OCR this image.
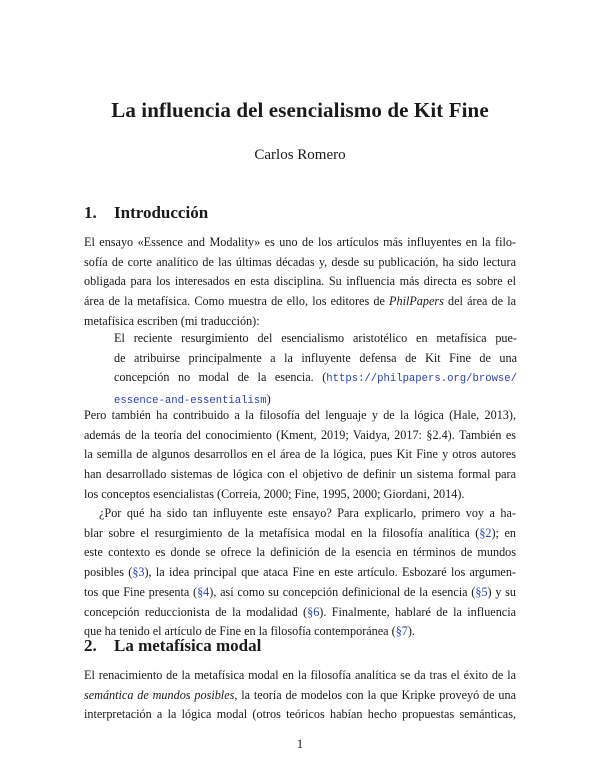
La influencia del esencialismo de Kit Fine
Carlos Romero
1. Introducción
El ensayo «Essence and Modality» es uno de los artículos más influyentes en la filo-
sofía de corte analítico de las últimas décadas y, desde su publicación, ha sido lectura
obligada para los interesados en esta disciplina. Su influencia más directa es sobre el
área de la metafísica. Como muestra de ello, los editores de PhilPapers del área de la
metafísica escriben (mi traducción):
El reciente resurgimiento del esencialismo aristotélico en metafísica pue-
de atribuirse principalmente a la influyente defensa de Kit Fine de una
concepción no modal de la esencia. (https://philpapers.org/browse/
essence-and-essentialism)
Pero también ha contribuido a la filosofía del lenguaje y de la lógica (Hale, 2013),
además de la teoría del conocimiento (Kment, 2019; Vaidya, 2017: §2.4). También es
la semilla de algunos desarrollos en el área de la lógica, pues Kit Fine y otros autores
han desarrollado sistemas de lógica con el objetivo de definir un sistema formal para
los conceptos esencialistas (Correia, 2000; Fine, 1995, 2000; Giordani, 2014).
¿Por qué ha sido tan influyente este ensayo? Para explicarlo, primero voy a ha-
blar sobre el resurgimiento de la metafísica modal en la filosofía analítica (§2); en
este contexto es donde se ofrece la definición de la esencia en términos de mundos
posibles (§3), la idea principal que ataca Fine en este artículo. Esbozaré los argumen-
tos que Fine presenta (§4), así como su concepción definicional de la esencia (§5) y su
concepción reduccionista de la modalidad (§6). Finalmente, hablaré de la influencia
que ha tenido el artículo de Fine en la filosofía contemporánea (§7).
2. La metafísica modal
El renacimiento de la metafísica modal en la filosofía analítica se da tras el éxito de la
semántica de mundos posibles, la teoría de modelos con la que Kripke proveyó de una
interpretación a la lógica modal (otros teóricos habían hecho propuestas semánticas,
1
